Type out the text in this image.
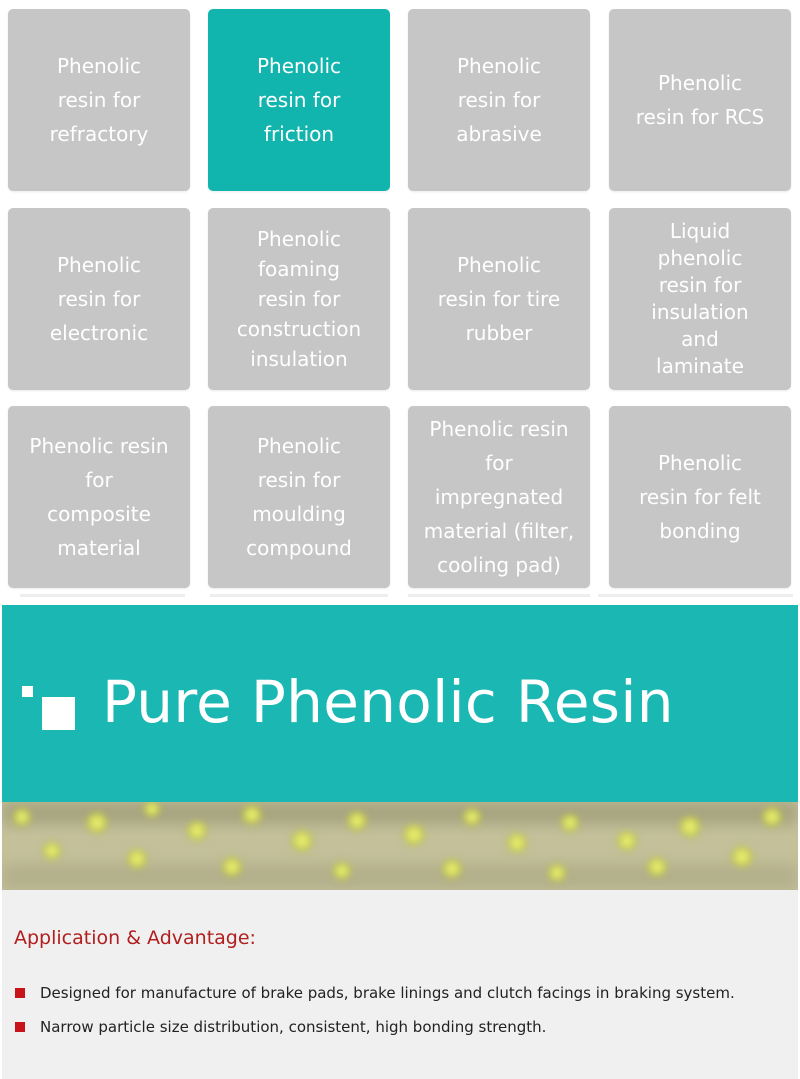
Phenolic
resin for
refractory
Phenolic
resin for
friction
Phenolic
resin for
abrasive
Phenolic
resin for RCS
Phenolic
resin for
electronic
Phenolic
foaming
resin for
construction
insulation
Phenolic
resin for tire
rubber
Liquid
phenolic
resin for
insulation
and
laminate
Phenolic resin for
composite
material
Phenolic
resin for
moulding
compound
Phenolic resin
for impregnated
material (filter,
cooling pad)
Phenolic
resin for felt
bonding
Pure Phenolic Resin
Application & Advantage:
Designed for manufacture of brake pads, brake linings and clutch facings in braking system.
Narrow particle size distribution, consistent, high bonding strength.
